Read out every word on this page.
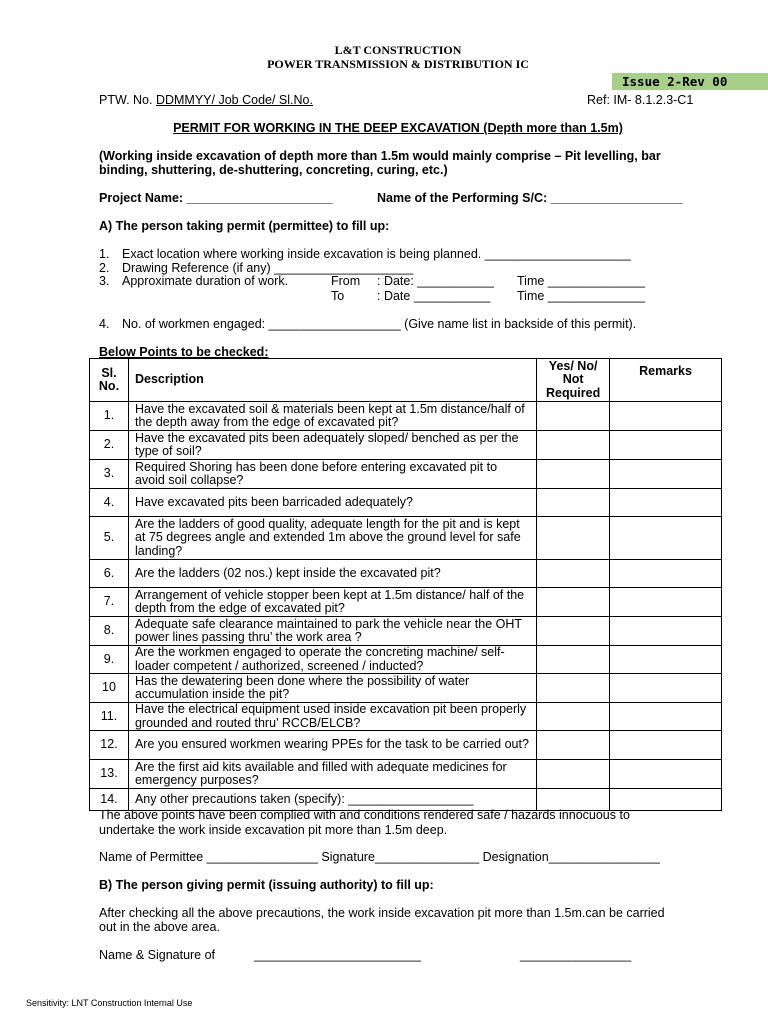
L&T CONSTRUCTION
POWER TRANSMISSION & DISTRIBUTION IC
Issue 2-Rev 00
PTW. No. DDMMYY/ Job Code/ Sl.No.	Ref: IM- 8.1.2.3-C1
PERMIT FOR WORKING IN THE DEEP EXCAVATION (Depth more than 1.5m)
(Working inside excavation of depth more than 1.5m would mainly comprise – Pit levelling, bar
binding, shuttering, de-shuttering, concreting, curing, etc.)
Project Name: _____________________	Name of the Performing S/C: ___________________
A) The person taking permit (permittee) to fill up:
1. Exact location where working inside excavation is being planned. _____________________
2. Drawing Reference (if any) ____________________
3. Approximate duration of work.	From : Date: ___________ Time ______________
To	: Date ___________ Time ______________
4. No. of workmen engaged: ___________________ (Give name list in backside of this permit).
Below Points to be checked:
Sl. No.	Description	Yes/ No/ Not Required	Remarks
1.	Have the excavated soil & materials been kept at 1.5m distance/half of the depth away from the edge of excavated pit?		
2.	Have the excavated pits been adequately sloped/ benched as per the type of soil?		
3.	Required Shoring has been done before entering excavated pit to avoid soil collapse?		
4.	Have excavated pits been barricaded adequately?		
5.	Are the ladders of good quality, adequate length for the pit and is kept at 75 degrees angle and extended 1m above the ground level for safe landing?		
6.	Are the ladders (02 nos.) kept inside the excavated pit?		
7.	Arrangement of vehicle stopper been kept at 1.5m distance/ half of the depth from the edge of excavated pit?		
8.	Adequate safe clearance maintained to park the vehicle near the OHT power lines passing thru’ the work area ?		
9.	Are the workmen engaged to operate the concreting machine/ self-loader competent / authorized, screened / inducted?		
10	Has the dewatering been done where the possibility of water accumulation inside the pit?		
11.	Have the electrical equipment used inside excavation pit been properly grounded and routed thru’ RCCB/ELCB?		
12.	Are you ensured workmen wearing PPEs for the task to be carried out?		
13.	Are the first aid kits available and filled with adequate medicines for emergency purposes?		
14.	Any other precautions taken (specify): __________________		
The above points have been complied with and conditions rendered safe / hazards innocuous to
undertake the work inside excavation pit more than 1.5m deep.
Name of Permittee ________________ Signature_______________ Designation________________
B) The person giving permit (issuing authority) to fill up:
After checking all the above precautions, the work inside excavation pit more than 1.5m.can be carried
out in the above area.
Name & Signature of	________________________	________________
Sensitivity: LNT Construction Internal Use
